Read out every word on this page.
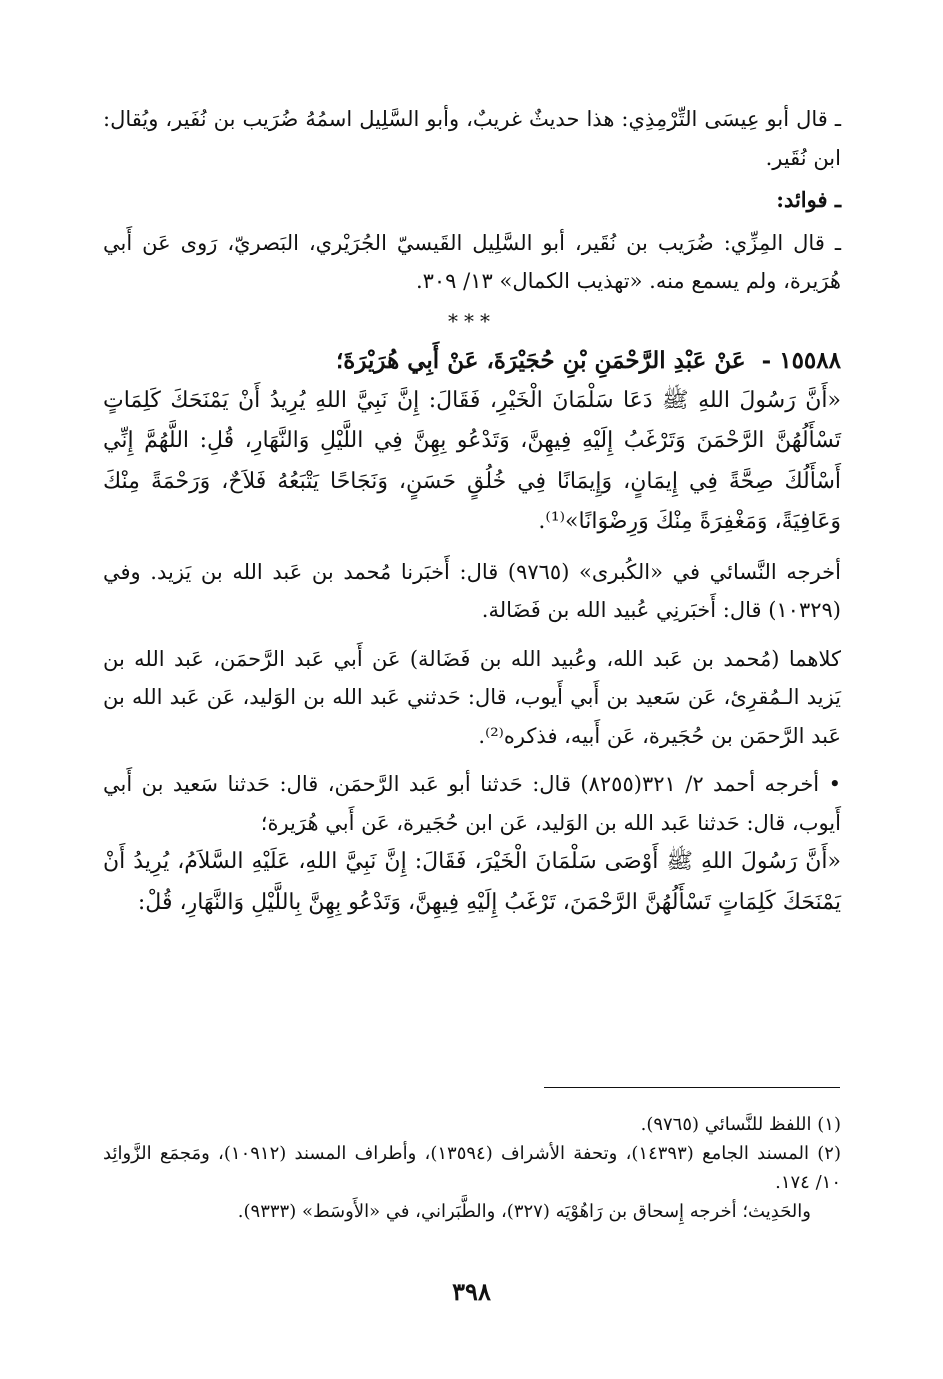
ـ قال أبو عِيسَى التِّرْمِذِي: هذا حديثٌ غريبٌ، وأبو السَّلِيل اسمُهُ ضُرَيب بن نُفَير، ويُقال: ابن نُقَير.

ـ فوائد:

ـ قال المِزِّي: ضُرَيب بن نُقَير، أبو السَّلِيل القَيسيّ الجُرَيْري، البَصريّ، رَوى عَن أَبي هُرَيرة، ولم يسمع منه. «تهذيب الكمال» ١٣/ ٣٠٩.

***

١٥٥٨٨ - عَنْ عَبْدِ الرَّحْمَنِ بْنِ حُجَيْرَةَ، عَنْ أَبِي هُرَيْرَةَ؛

«أَنَّ رَسُولَ اللهِ ﷺ دَعَا سَلْمَانَ الْخَيْرِ، فَقَالَ: إِنَّ نَبِيَّ اللهِ يُرِيدُ أَنْ يَمْنَحَكَ كَلِمَاتٍ تَسْأَلُهُنَّ الرَّحْمَنَ وَتَرْغَبُ إِلَيْهِ فِيهِنَّ، وَتَدْعُو بِهِنَّ فِي اللَّيْلِ وَالنَّهَارِ، قُلِ: اللَّهُمَّ إِنِّي أَسْأَلُكَ صِحَّةً فِي إِيمَانٍ، وَإِيمَانًا فِي خُلُقٍ حَسَنٍ، وَنَجَاحًا يَتْبَعُهُ فَلاَحٌ، وَرَحْمَةً مِنْكَ وَعَافِيَةً، وَمَغْفِرَةً مِنْكَ وَرِضْوَانًا»⁽¹⁾.

أخرجه النَّسائي في «الكُبرى» (٩٧٦٥) قال: أَخبَرنا مُحمد بن عَبد الله بن يَزيد. وفي (١٠٣٢٩) قال: أَخبَرنِي عُبيد الله بن فَضَالة.

كلاهما (مُحمد بن عَبد الله، وعُبيد الله بن فَضَالة) عَن أَبي عَبد الرَّحمَن، عَبد الله بن يَزيد الـمُقرِئ، عَن سَعيد بن أَبي أَيوب، قال: حَدثني عَبد الله بن الوَليد، عَن عَبد الله بن عَبد الرَّحمَن بن حُجَيرة، عَن أَبيه، فذكره⁽²⁾.

• أخرجه أحمد ٢/ ٣٢١(٨٢٥٥) قال: حَدثنا أبو عَبد الرَّحمَن، قال: حَدثنا سَعيد بن أَبي أَيوب، قال: حَدثنا عَبد الله بن الوَليد، عَن ابن حُجَيرة، عَن أَبي هُرَيرة؛

«أَنَّ رَسُولَ اللهِ ﷺ أَوْصَى سَلْمَانَ الْخَيْرَ، فَقَالَ: إِنَّ نَبِيَّ اللهِ، عَلَيْهِ السَّلاَمُ، يُرِيدُ أَنْ يَمْنَحَكَ كَلِمَاتٍ تَسْأَلُهُنَّ الرَّحْمَنَ، تَرْغَبُ إِلَيْهِ فِيهِنَّ، وَتَدْعُو بِهِنَّ بِاللَّيْلِ وَالنَّهَارِ، قُلْ:

(١) اللفظ للنَّسائي (٩٧٦٥).

(٢) المسند الجامع (١٤٣٩٣)، وتحفة الأشراف (١٣٥٩٤)، وأطراف المسند (١٠٩١٢)، ومَجمَع الزَّوائِد ١٠/ ١٧٤.

والحَدِيث؛ أخرجه إِسحاق بن رَاهُوْيَه (٣٢٧)، والطَّبَراني، في «الأَوسَط» (٩٣٣٣).

٣٩٨
